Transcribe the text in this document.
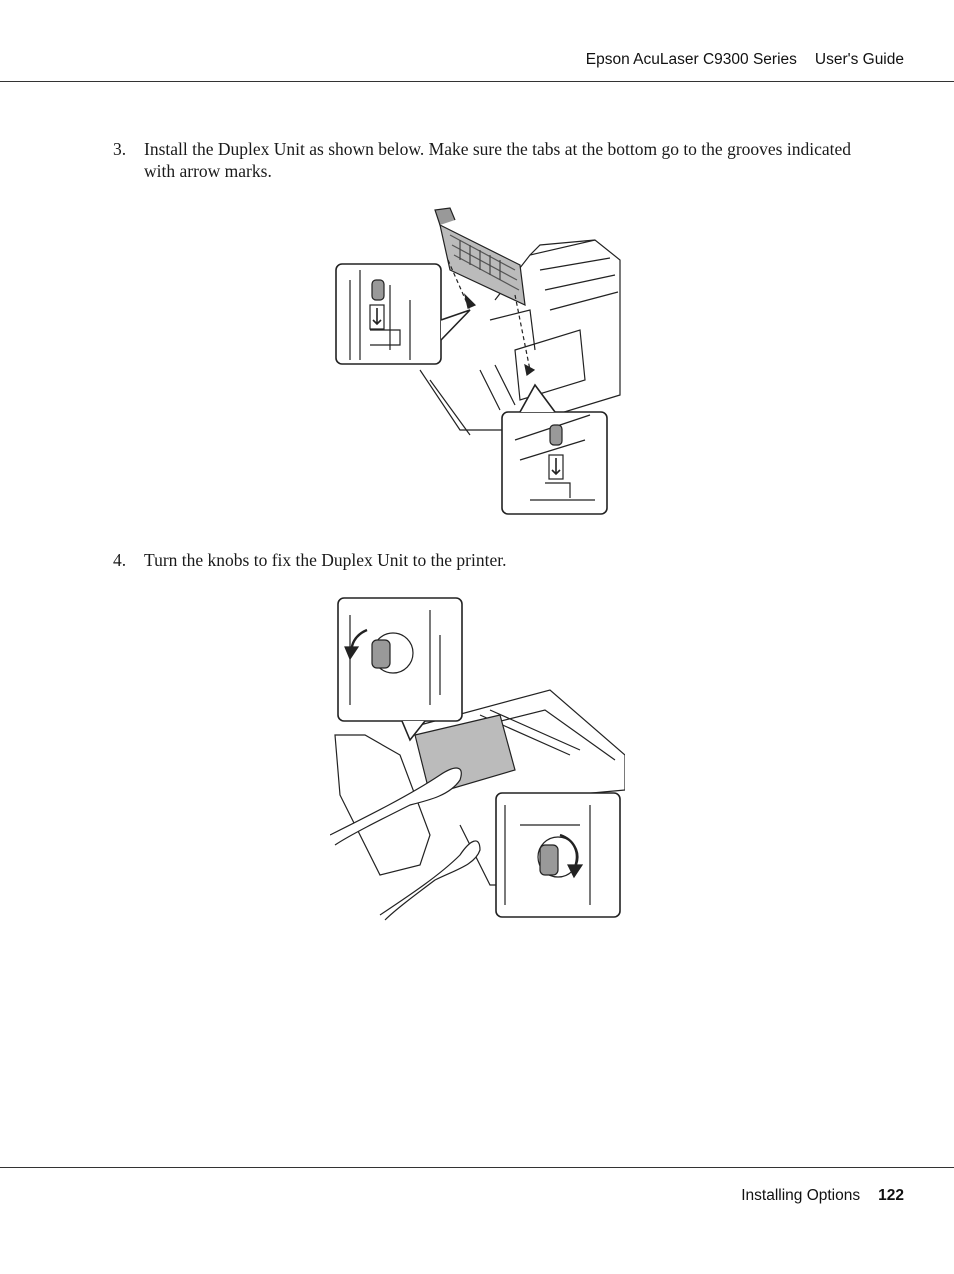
Epson AcuLaser C9300 Series User's Guide
3. Install the Duplex Unit as shown below. Make sure the tabs at the bottom go to the grooves indicated with arrow marks.
4. Turn the knobs to fix the Duplex Unit to the printer.
Installing Options 122
